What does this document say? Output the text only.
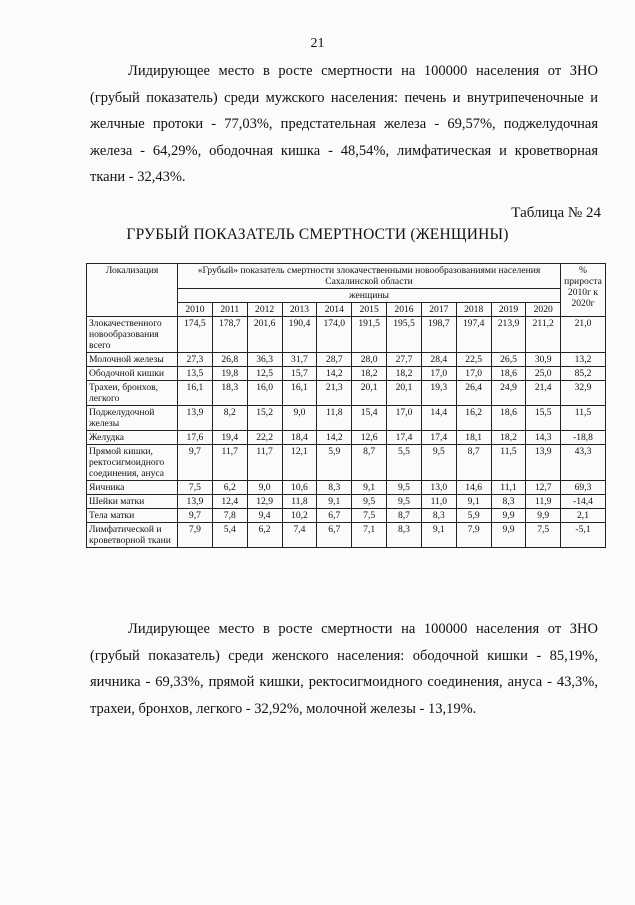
21

Лидирующее место в росте смертности на 100000 населения от ЗНО (грубый показатель) среди мужского населения: печень и внутрипеченочные и желчные протоки - 77,03%, предстательная железа - 69,57%, поджелудочная железа - 64,29%, ободочная кишка - 48,54%, лимфатическая и кроветворная ткани - 32,43%.

Таблица № 24
ГРУБЫЙ ПОКАЗАТЕЛЬ СМЕРТНОСТИ (ЖЕНЩИНЫ)
Локализация	«Грубый» показатель смертности злокачественными новообразованиями населения Сахалинской области											% прироста 2010г к 2020г
	женщины											
	2010	2011	2012	2013	2014	2015	2016	2017	2018	2019	2020	
Злокачественного новообразования всего	174,5	178,7	201,6	190,4	174,0	191,5	195,5	198,7	197,4	213,9	211,2	21,0
Молочной железы	27,3	26,8	36,3	31,7	28,7	28,0	27,7	28,4	22,5	26,5	30,9	13,2
Ободочной кишки	13,5	19,8	12,5	15,7	14,2	18,2	18,2	17,0	17,0	18,6	25,0	85,2
Трахеи, бронхов, легкого	16,1	18,3	16,0	16,1	21,3	20,1	20,1	19,3	26,4	24,9	21,4	32,9
Поджелудочной железы	13,9	8,2	15,2	9,0	11,8	15,4	17,0	14,4	16,2	18,6	15,5	11,5
Желудка	17,6	19,4	22,2	18,4	14,2	12,6	17,4	17,4	18,1	18,2	14,3	-18,8
Прямой кишки, ректосигмоидного соединения, ануса	9,7	11,7	11,7	12,1	5,9	8,7	5,5	9,5	8,7	11,5	13,9	43,3
Яичника	7,5	6,2	9,0	10,6	8,3	9,1	9,5	13,0	14,6	11,1	12,7	69,3
Шейки матки	13,9	12,4	12,9	11,8	9,1	9,5	9,5	11,0	9,1	8,3	11,9	-14,4
Тела матки	9,7	7,8	9,4	10,2	6,7	7,5	8,7	8,3	5,9	9,9	9,9	2,1
Лимфатической и кроветворной ткани	7,9	5,4	6,2	7,4	6,7	7,1	8,3	9,1	7,9	9,9	7,5	-5,1

Лидирующее место в росте смертности на 100000 населения от ЗНО (грубый показатель) среди женского населения: ободочной кишки - 85,19%, яичника - 69,33%, прямой кишки, ректосигмоидного соединения, ануса - 43,3%, трахеи, бронхов, легкого - 32,92%, молочной железы - 13,19%.
